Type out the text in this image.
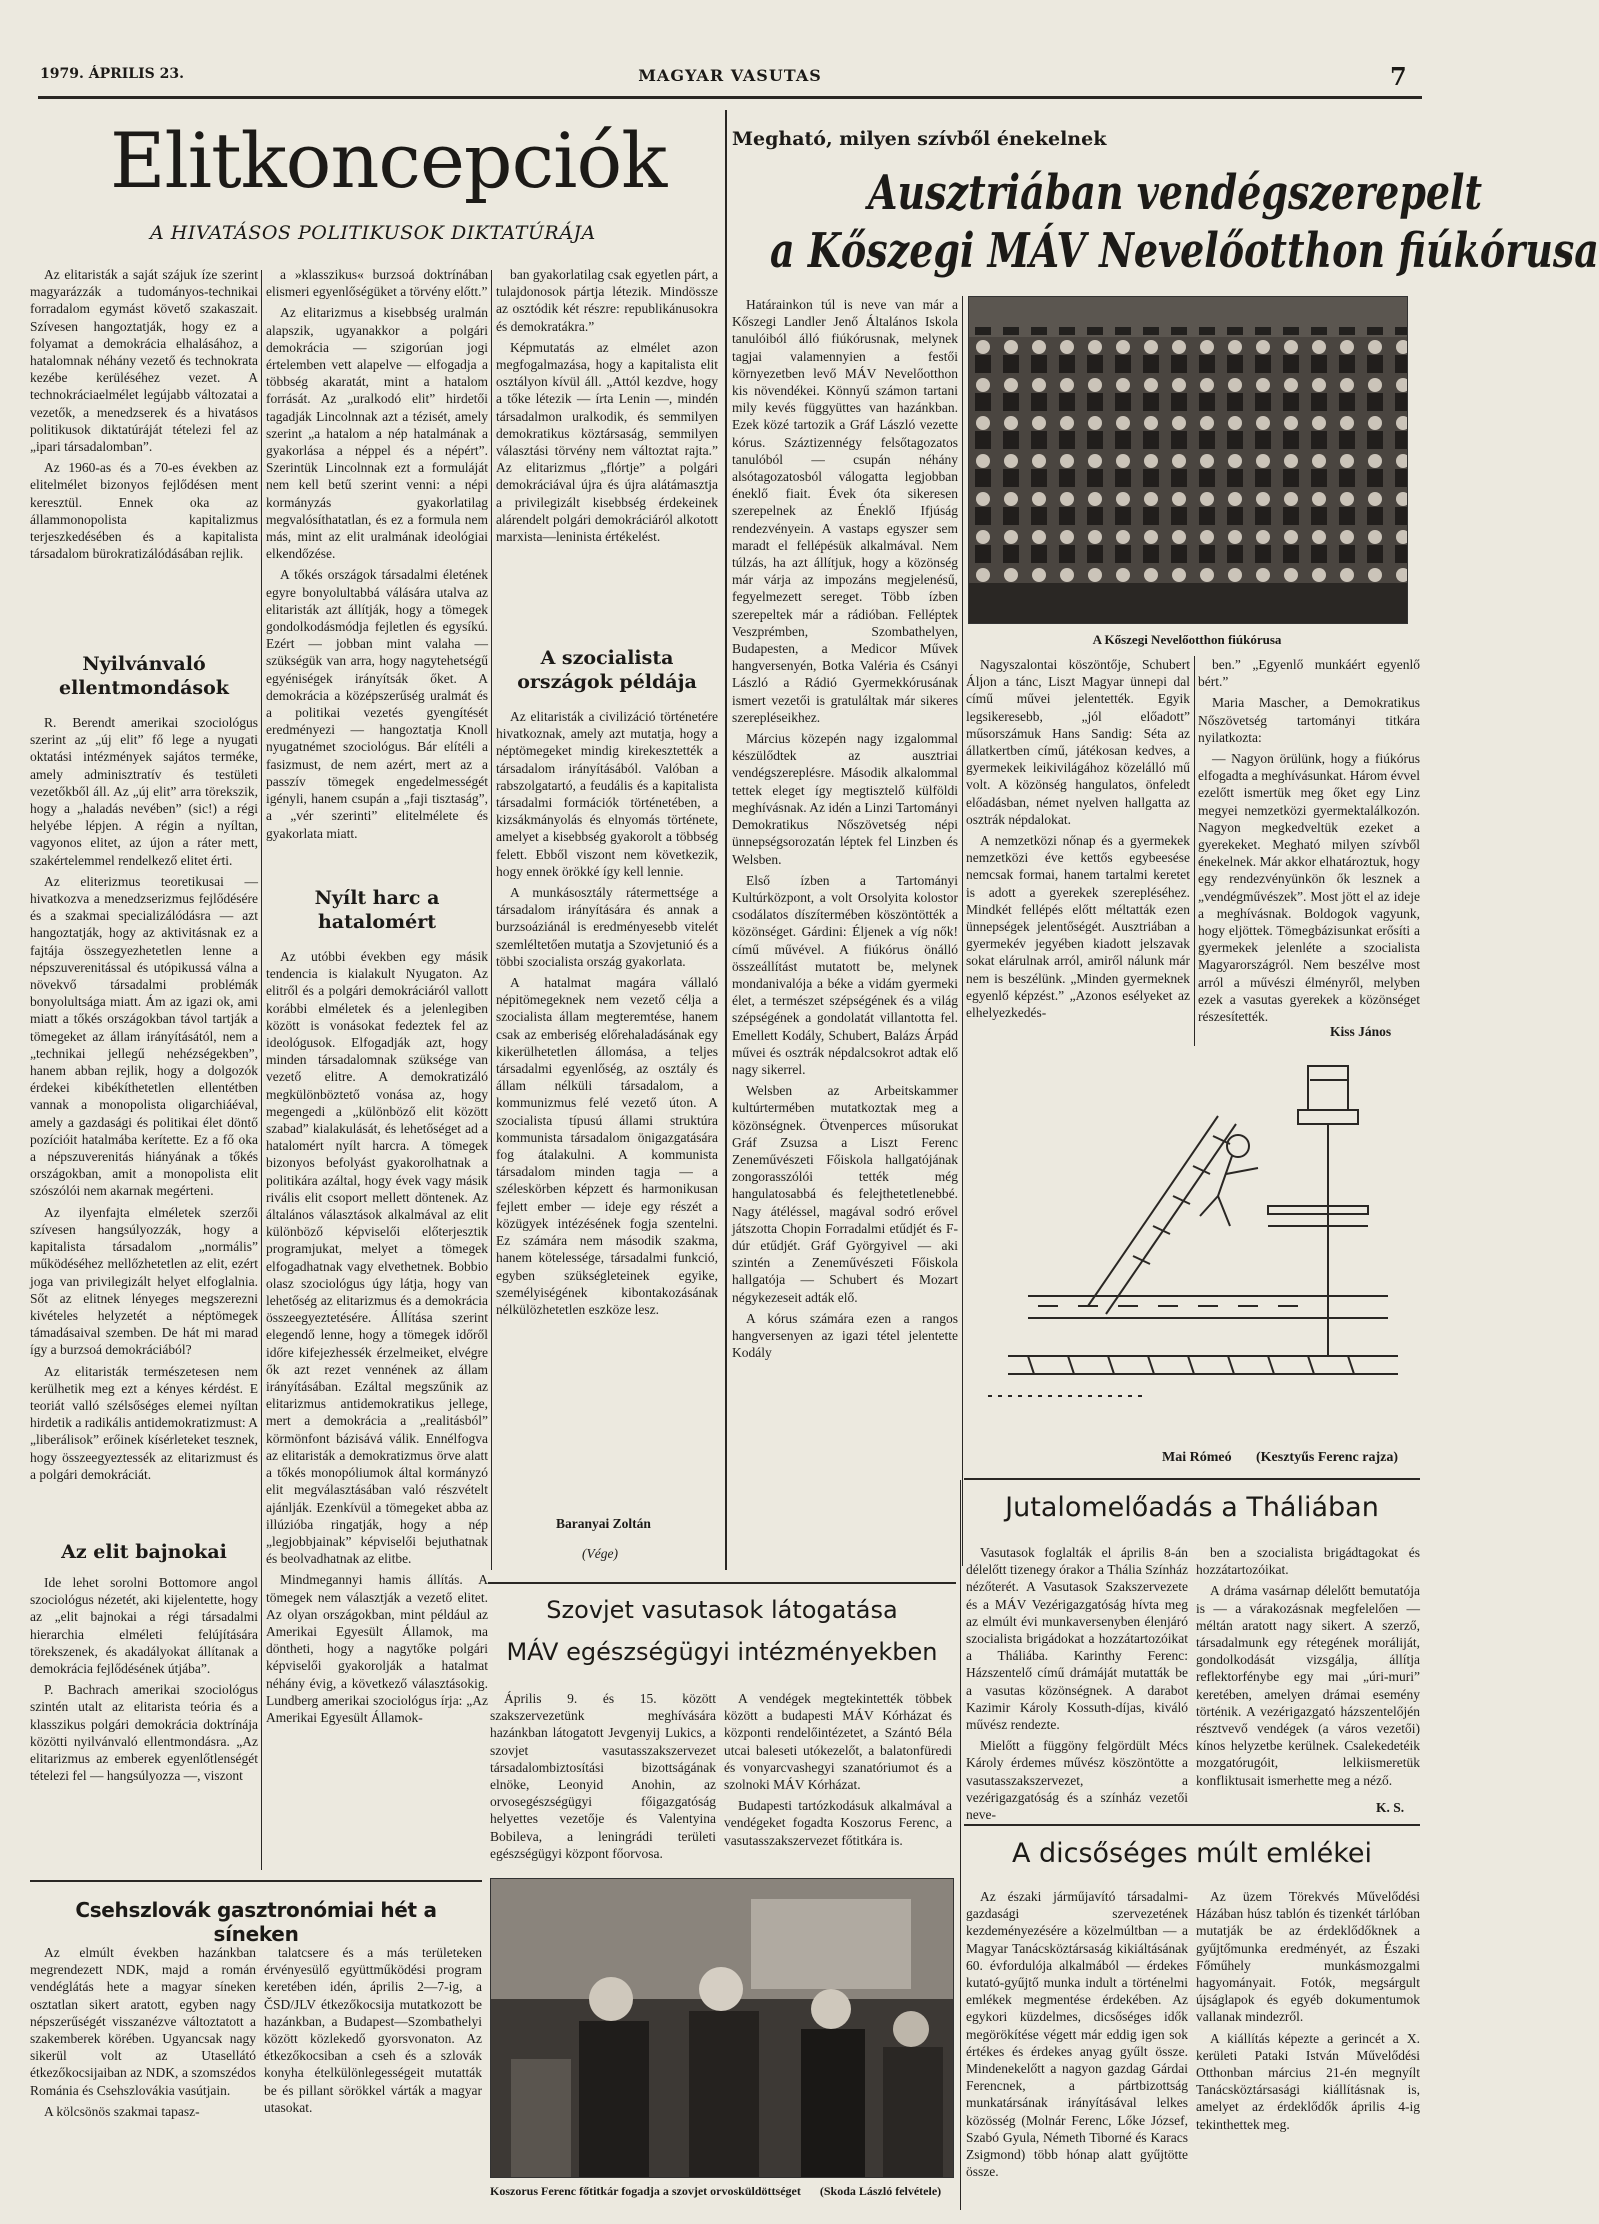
1979. ÁPRILIS 23.	MAGYAR VASUTAS	7
Elitkoncepciók
A HIVATÁSOS POLITIKUSOK DIKTATÚRÁJA

Az elitaristák a saját szájuk íze szerint magyarázzák a tudományos-technikai forradalom egymást követő szakaszait. Szívesen hangoztatják, hogy ez a folyamat a demokrácia elhalásához, a hatalomnak néhány vezető és technokrata kezébe kerüléséhez vezet. A technokráciaelmélet legújabb változatai a vezetők, a menedzserek és a hivatásos politikusok diktatúráját tételezi fel az „ipari társadalomban”.

Az 1960-as és a 70-es években az elitelmélet bizonyos fejlődésen ment keresztül. Ennek oka az állammonopolista kapitalizmus terjeszkedésében és a kapitalista társadalom bürokratizálódásában rejlik.

Nyilvánvaló ellentmondások

R. Berendt amerikai szociológus szerint az „új elit” fő lege a nyugati oktatási intézmények sajátos terméke, amely adminisztratív és testületi vezetőkből áll. Az „új elit” arra törekszik, hogy a „haladás nevében” (sic!) a régi helyébe lépjen. A régin a nyíltan, vagyonos elitet, az újon a ráter mett, szakértelemmel rendelkező elitet érti.

Az eliterizmus teoretikusai — hivatkozva a menedzserizmus fejlődésére és a szakmai specializálódásra — azt hangoztatják, hogy az aktivitásnak ez a fajtája összegyezhetetlen lenne a népszuverenitással és utópikussá válna a növekvő társadalmi problémák bonyolultsága miatt. Ám az igazi ok, ami miatt a tőkés országokban távol tartják a tömegeket az állam irányításától, nem a „technikai jellegű nehézségekben”, hanem abban rejlik, hogy a dolgozók érdekei kibékíthetetlen ellentétben vannak a monopolista oligarchiáéval, amely a gazdasági és politikai élet döntő pozícióit hatalmába kerítette. Ez a fő oka a népszuverenitás hiányának a tőkés országokban, amit a monopolista elit szószólói nem akarnak megérteni.

Az ilyenfajta elméletek szerzői szívesen hangsúlyozzák, hogy a kapitalista társadalom „normális” működéséhez mellőzhetetlen az elit, ezért joga van privilegizált helyet elfoglalnia. Sőt az elitnek lényeges megszerezni kivételes helyzetét a néptömegek támadásaival szemben. De hát mi marad így a burzsoá demokráciából?

Az elitaristák természetesen nem kerülhetik meg ezt a kényes kérdést. E teoriát valló szélsőséges elemei nyíltan hirdetik a radikális antidemokratizmust: A „liberálisok” erőinek kísérleteket tesznek, hogy összeegyeztessék az elitarizmust és a polgári demokráciát.

Az elit bajnokai

Ide lehet sorolni Bottomore angol szociológus nézetét, aki kijelentette, hogy az „elit bajnokai a régi társadalmi hierarchia elméleti felújítására törekszenek, és akadályokat állítanak a demokrácia fejlődésének útjába”.

P. Bachrach amerikai szociológus szintén utalt az elitarista teória és a klasszikus polgári demokrácia doktrínája közötti nyilvánvaló ellentmondásra. „Az elitarizmus az emberek egyenlőtlenségét tételezi fel — hangsúlyozza —, viszont

a »klasszikus« burzsoá doktrínában elismeri egyenlőségüket a törvény előtt.”

Az elitarizmus a kisebbség uralmán alapszik, ugyanakkor a polgári demokrácia — szigorúan jogi értelemben vett alapelve — elfogadja a többség akaratát, mint a hatalom forrását. Az „uralkodó elit” hirdetői tagadják Lincolnnak azt a tézisét, amely szerint „a hatalom a nép hatalmának a gyakorlása a néppel és a népért”. Szerintük Lincolnnak ezt a formuláját nem kell betű szerint venni: a népi kormányzás gyakorlatilag megvalósíthatatlan, és ez a formula nem más, mint az elit uralmának ideológiai elkendőzése.

A tőkés országok társadalmi életének egyre bonyolultabbá válására utalva az elitaristák azt állítják, hogy a tömegek gondolkodásmódja fejletlen és egysíkú. Ezért — jobban mint valaha — szükségük van arra, hogy nagytehetségű egyéniségek irányítsák őket. A demokrácia a középszerűség uralmát és a politikai vezetés gyengítését eredményezi — hangoztatja Knoll nyugatnémet szociológus. Bár elítéli a fasizmust, de nem azért, mert az a passzív tömegek engedelmességét igényli, hanem csupán a „faji tisztaság”, a „vér szerinti” elitelmélete és gyakorlata miatt.

Nyílt harc a hatalomért

Az utóbbi években egy másik tendencia is kialakult Nyugaton. Az elitről és a polgári demokráciáról vallott korábbi elméletek és a jelenlegiben között is vonásokat fedeztek fel az ideológusok. Elfogadják azt, hogy minden társadalomnak szüksége van vezető elitre. A demokratizáló megkülönböztető vonása az, hogy megengedi a „különböző elit között szabad” kialakulását, és lehetőséget ad a hatalomért nyílt harcra. A tömegek bizonyos befolyást gyakorolhatnak a politikára azáltal, hogy évek vagy másik rivális elit csoport mellett döntenek. Az általános választások alkalmával az elit különböző képviselői előterjesztik programjukat, melyet a tömegek elfogadhatnak vagy elvethetnek. Bobbio olasz szociológus úgy látja, hogy van lehetőség az elitarizmus és a demokrácia összeegyeztetésére. Állítása szerint elegendő lenne, hogy a tömegek időről időre kifejezhessék érzelmeiket, elvégre ők azt rezet vennének az állam irányításában. Ezáltal megszűnik az elitarizmus antidemokratikus jellege, mert a demokrácia a „realitásból” körmönfont bázisává válik. Ennélfogva az elitaristák a demokratizmus örve alatt a tőkés monopóliumok által kormányzó elit megválasztásában való részvételt ajánlják. Ezenkívül a tömegeket abba az illúzióba ringatják, hogy a nép „legjobbjainak” képviselői bejuthatnak és beolvadhatnak az elitbe.

Mindmegannyi hamis állítás. A tömegek nem választják a vezető elitet. Az olyan országokban, mint például az Amerikai Egyesült Államok, ma döntheti, hogy a nagytőke polgári képviselői gyakorolják a hatalmat néhány évig, a következő választásokig. Lundberg amerikai szociológus írja: „Az Amerikai Egyesült Államok-

ban gyakorlatilag csak egyetlen párt, a tulajdonosok pártja létezik. Mindössze az osztódik két részre: republikánusokra és demokratákra.”

Képmutatás az elmélet azon megfogalmazása, hogy a kapitalista elit osztályon kívül áll. „Attól kezdve, hogy a tőke létezik — írta Lenin —, mindén társadalmon uralkodik, és semmilyen demokratikus köztársaság, semmilyen választási törvény nem változtat rajta.” Az elitarizmus „flórtje” a polgári demokráciával újra és újra alátámasztja a privilegizált kisebbség érdekeinek alárendelt polgári demokráciáról alkotott marxista—leninista értékelést.

A szocialista országok példája

Az elitaristák a civilizáció történetére hivatkoznak, amely azt mutatja, hogy a néptömegeket mindig kirekesztették a társadalom irányításából. Valóban a rabszolgatartó, a feudális és a kapitalista társadalmi formációk történetében, a kizsákmányolás és elnyomás története, amelyet a kisebbség gyakorolt a többség felett. Ebből viszont nem következik, hogy ennek örökké így kell lennie.

A munkásosztály rátermettsége a társadalom irányítására és annak a burzsoáziánál is eredményesebb vitelét szemléltetően mutatja a Szovjetunió és a többi szocialista ország gyakorlata.

A hatalmat magára vállaló népitömegeknek nem vezető célja a szocialista állam megteremtése, hanem csak az emberiség előrehaladásának egy kikerülhetetlen állomása, a teljes társadalmi egyenlőség, az osztály és állam nélküli társadalom, a kommunizmus felé vezető úton. A szocialista típusú állami struktúra kommunista társadalom önigazgatására fog átalakulni. A kommunista társadalom minden tagja — a széleskörben képzett és harmonikusan fejlett ember — ideje egy részét a közügyek intézésének fogja szentelni. Ez számára nem második szakma, hanem kötelessége, társadalmi funkció, egyben szükségleteinek egyike, személyiségének kibontakozásának nélkülözhetetlen eszköze lesz.

Baranyai Zoltán
(Vége)
Megható, milyen szívből énekelnek
Ausztriában vendégszerepelt
a Kőszegi MÁV Nevelőotthon fiúkórusa

Határainkon túl is neve van már a Kőszegi Landler Jenő Általános Iskola tanulóiból álló fiúkórusnak, melynek tagjai valamennyien a festői környezetben levő MÁV Nevelőotthon kis növendékei. Könnyű számon tartani mily kevés függyüttes van hazánkban. Ezek közé tartozik a Gráf László vezette kórus. Száztizennégy felsőtagozatos tanulóból — csupán néhány alsótagozatosból válogatta legjobban éneklő fiait. Évek óta sikeresen szerepelnek az Éneklő Ifjúság rendezvényein. A vastaps egyszer sem maradt el fellépésük alkalmával. Nem túlzás, ha azt állítjuk, hogy a közönség már várja az impozáns megjelenésű, fegyelmezett sereget. Több ízben szerepeltek már a rádióban. Felléptek Veszprémben, Szombathelyen, Budapesten, a Medicor Művek hangversenyén, Botka Valéria és Csányi László a Rádió Gyermekkórusának ismert vezetői is gratuláltak már sikeres szerepléseikhez.

Március közepén nagy izgalommal készülődtek az ausztriai vendégszereplésre. Második alkalommal tettek eleget így megtisztelő külföldi meghívásnak. Az idén a Linzi Tartományi Demokratikus Nőszövetség népi ünnepségsorozatán léptek fel Linzben és Welsben.

Első ízben a Tartományi Kultúrközpont, a volt Orsolyita kolostor csodálatos díszítermében köszöntötték a közönséget. Gárdini: Éljenek a víg nők! című művével. A fiúkórus önálló összeállítást mutatott be, melynek mondanivalója a béke a vidám gyermeki élet, a természet szépségének és a világ szépségének a gondolatát villantotta fel. Emellett Kodály, Schubert, Balázs Árpád művei és osztrák népdalcsokrot adtak elő nagy sikerrel.

Welsben az Arbeitskammer kultúrtermében mutatkoztak meg a közönségnek. Ötvenperces műsorukat Gráf Zsuzsa a Liszt Ferenc Zeneművészeti Főiskola hallgatójának zongorasszólói tették még hangulatosabbá és felejthetetlenebbé. Nagy átéléssel, magával sodró erővel játszotta Chopin Forradalmi etűdjét és F-dúr etűdjét. Gráf Györgyivel — aki szintén a Zeneművészeti Főiskola hallgatója — Schubert és Mozart négykezeseit adták elő.

A kórus számára ezen a rangos hangversenyen az igazi tétel jelentette Kodály

A Kőszegi Nevelőotthon fiúkórusa

Nagyszalontai köszöntője, Schubert Áljon a tánc, Liszt Magyar ünnepi dal című művei jelentették. Egyik legsikeresebb, „jól előadott” műsorszámuk Hans Sandig: Séta az állatkertben című, játékosan kedves, a gyermekek leikivilágához közelálló mű volt. A közönség hangulatos, önfeledt előadásban, német nyelven hallgatta az osztrák népdalokat.

A nemzetközi nőnap és a gyermekek nemzetközi éve kettős egybeesése nemcsak formai, hanem tartalmi keretet is adott a gyerekek szerepléséhez. Mindkét fellépés előtt méltatták ezen ünnepségek jelentőségét. Ausztriában a gyermekév jegyében kiadott jelszavak sokat elárulnak arról, amiről nálunk már nem is beszélünk. „Minden gyermeknek egyenlő képzést.” „Azonos esélyeket az elhelyezkedés-

ben.” „Egyenlő munkáért egyenlő bért.”

Maria Mascher, a Demokratikus Nőszövetség tartományi titkára nyilatkozta:

— Nagyon örülünk, hogy a fiúkórus elfogadta a meghívásunkat. Három évvel ezelőtt ismertük meg őket egy Linz megyei nemzetközi gyermektalálkozón. Nagyon megkedveltük ezeket a gyerekeket. Megható milyen szívből énekelnek. Már akkor elhatároztuk, hogy egy rendezvényünkön ők lesznek a „vendégművészek”. Most jött el az ideje a meghívásnak. Boldogok vagyunk, hogy eljöttek. Tömegbázisunkat erősíti a gyermekek jelenléte a szocialista Magyarországról. Nem beszélve most arról a művészi élményről, melyben ezek a vasutas gyerekek a közönséget részesítették.

Kiss János
Mai Rómeó	(Kesztyűs Ferenc rajza)
Szovjet vasutasok látogatása
MÁV egészségügyi intézményekben

Április 9. és 15. között szakszervezetünk meghívására hazánkban látogatott Jevgenyij Lukics, a szovjet vasutasszakszervezet társadalombiztosítási bizottságának elnöke, Leonyid Anohin, az orvosegészségügyi főigazgatóság helyettes vezetője és Valentyina Bobileva, a leningrádi területi egészségügyi központ főorvosa.

A vendégek megtekintették többek között a budapesti MÁV Kórházat és központi rendelőintézetet, a Szántó Béla utcai baleseti utókezelőt, a balatonfüredi és vonyarcvashegyi szanatóriumot és a szolnoki MÁV Kórházat.

Budapesti tartózkodásuk alkalmával a vendégeket fogadta Koszorus Ferenc, a vasutasszakszervezet főtitkára is.

Koszorus Ferenc főtitkár fogadja a szovjet orvosküldöttséget (Skoda László felvétele)
Csehszlovák gasztronómiai hét a síneken

Az elmúlt években hazánkban megrendezett NDK, majd a román vendéglátás hete a magyar síneken osztatlan sikert aratott, egyben nagy népszerűségét visszanézve változtatott a szakemberek körében. Ugyancsak nagy sikerül volt az Utasellátó étkezőkocsijaiban az NDK, a szomszédos Románia és Csehszlovákia vasútjain.

A kölcsönös szakmai tapasz-

talatcsere és a más területeken érvényesülő együttműködési program keretében idén, április 2—7-ig, a ČSD/JLV étkezőkocsija mutatkozott be hazánkban, a Budapest—Szombathelyi között közlekedő gyorsvonaton. Az étkezőkocsiban a cseh és a szlovák konyha ételkülönlegességeit mutatták be és pillant sörökkel várták a magyar utasokat.

Jutalomelőadás a Tháliában

Vasutasok foglalták el április 8-án délelőtt tizenegy órakor a Thália Színház nézőterét. A Vasutasok Szakszervezete és a MÁV Vezérigazgatóság hívta meg az elmúlt évi munkaversenyben élenjáró szocialista brigádokat a hozzátartozóikat a Tháliába. Karinthy Ferenc: Házszentelő című drámáját mutatták be a vasutas közönségnek. A darabot Kazimir Károly Kossuth-díjas, kiváló művész rendezte.

Mielőtt a függöny felgördült Mécs Károly érdemes művész köszöntötte a vasutasszakszervezet, a vezérigazgatóság és a színház vezetői neve-

ben a szocialista brigádtagokat és hozzátartozóikat.

A dráma vasárnap délelőtt bemutatója is — a várakozásnak megfelelően — méltán aratott nagy sikert. A szerző, társadalmunk egy rétegének moráliját, gondolkodását vizsgálja, állítja reflektorfénybe egy mai „úri-muri” keretében, amelyen drámai esemény történik. A vezérigazgató házszentelőjén résztvevő vendégek (a város vezetői) kínos helyzetbe kerülnek. Csalekedetéik mozgatórugóit, lelkiismeretük konfliktusait ismerhette meg a néző.

K. S.
A dicsőséges múlt emlékei

Az északi járműjavító társadalmi-gazdasági szervezetének kezdeményezésére a közelmúltban — a Magyar Tanácsköztársaság kikiáltásának 60. évfordulója alkalmából — érdekes kutató-gyűjtő munka indult a történelmi emlékek megmentése érdekében. Az egykori küzdelmes, dicsőséges idők megörökítése végett már eddig igen sok értékes és érdekes anyag gyűlt össze. Mindenekelőtt a nagyon gazdag Gárdai Ferencnek, a pártbizottság munkatársának irányításával lelkes közösség (Molnár Ferenc, Lőke József, Szabó Gyula, Németh Tiborné és Karacs Zsigmond) több hónap alatt gyűjtötte össze.

Az üzem Törekvés Művelődési Házában húsz tablón és tizenkét tárlóban mutatják be az érdeklődőknek a gyűjtőmunka eredményét, az Északi Főműhely munkásmozgalmi hagyományait. Fotók, megsárgult újságlapok és egyéb dokumentumok vallanak mindezről.

A kiállítás képezte a gerincét a X. kerületi Pataki István Művelődési Otthonban március 21-én megnyílt Tanácsköztársasági kiállításnak is, amelyet az érdeklődők április 4-ig tekinthettek meg.
